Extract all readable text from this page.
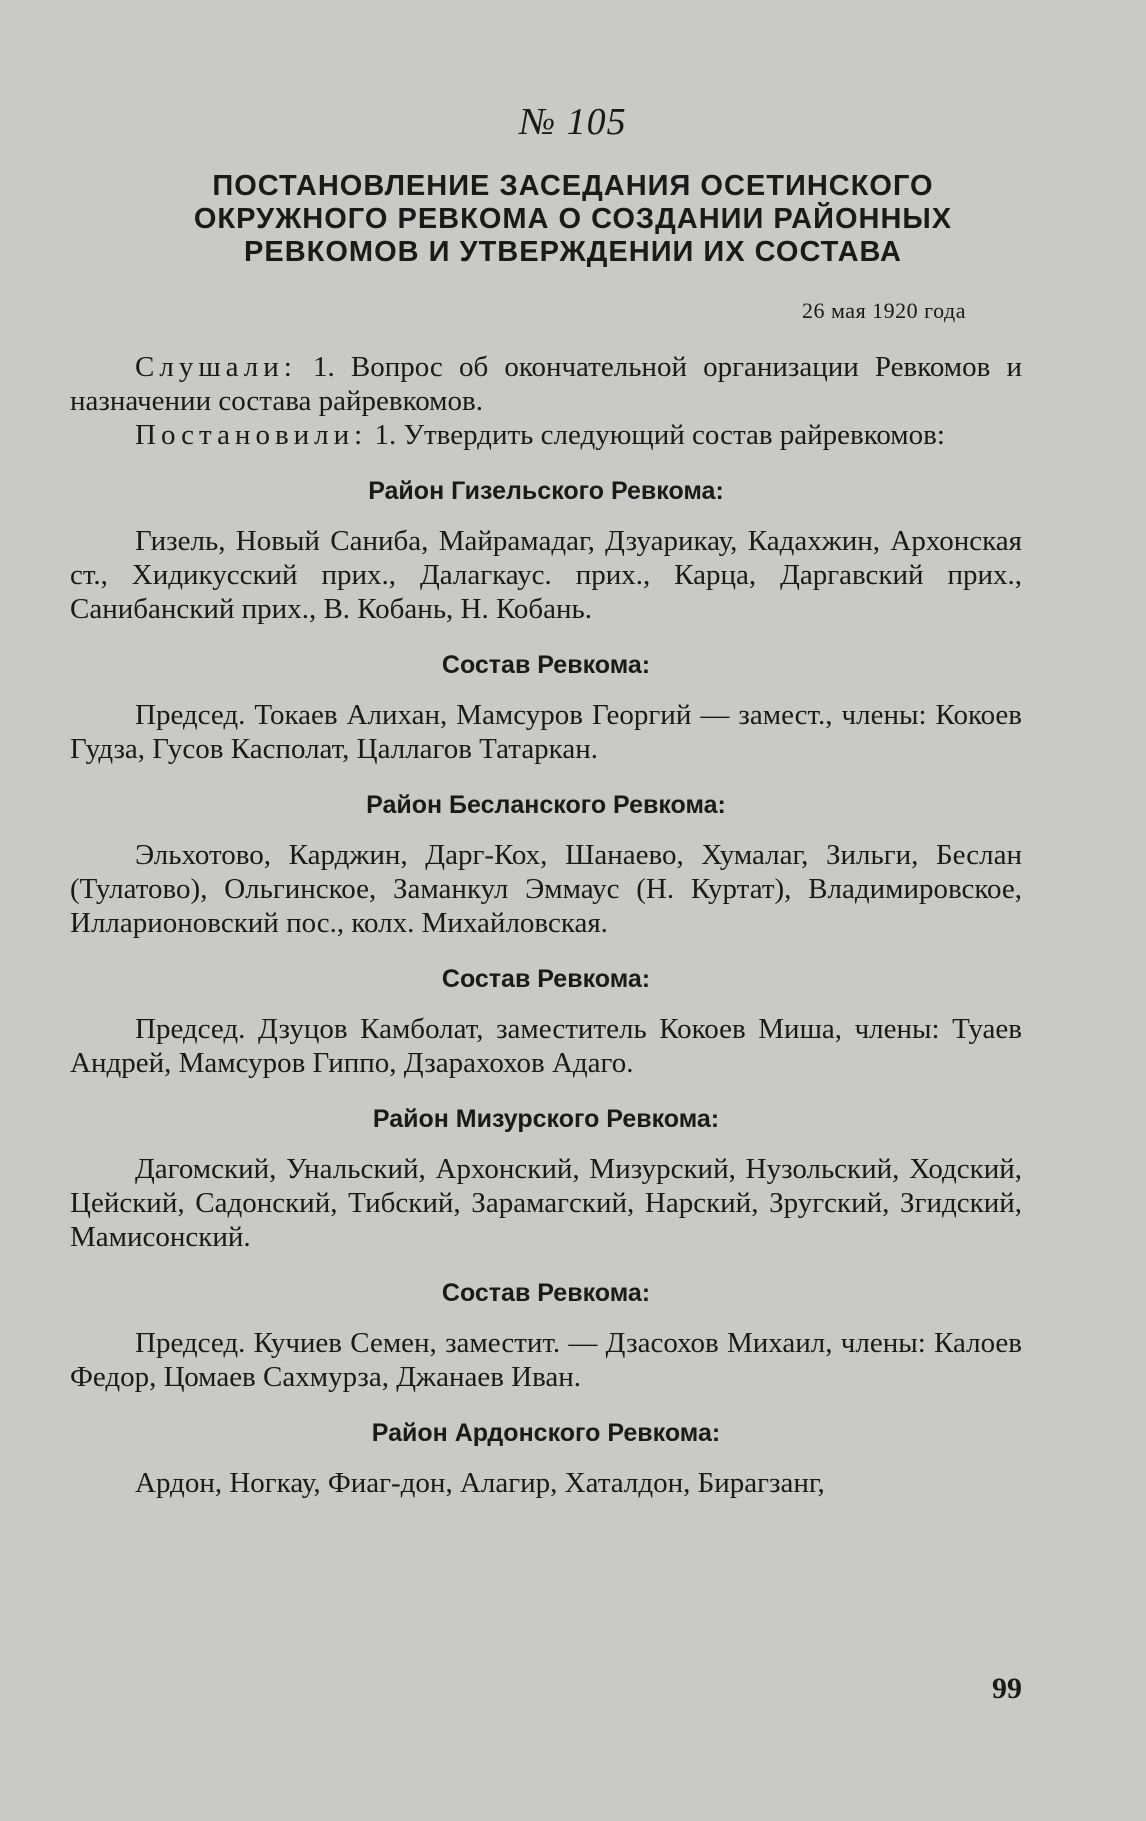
№ 105
ПОСТАНОВЛЕНИЕ ЗАСЕДАНИЯ ОСЕТИНСКОГО
ОКРУЖНОГО РЕВКОМА О СОЗДАНИИ РАЙОННЫХ
РЕВКОМОВ И УТВЕРЖДЕНИИ ИХ СОСТАВА
26 мая 1920 года

Слушали: 1. Вопрос об окончательной организации Ревкомов и назначении состава райревкомов.

Постановили: 1. Утвердить следующий состав райревкомов:

Район Гизельского Ревкома:

Гизель, Новый Саниба, Майрамадаг, Дзуарикау, Кадахжин, Архонская ст., Хидикусский прих., Далагкаус. прих., Карца, Даргавский прих., Санибанский прих., В. Кобань, Н. Кобань.

Состав Ревкома:

Председ. Токаев Алихан, Мамсуров Георгий — замест., члены: Кокоев Гудза, Гусов Касполат, Цаллагов Татаркан.

Район Бесланского Ревкома:

Эльхотово, Карджин, Дарг-Кох, Шанаево, Хумалаг, Зильги, Беслан (Тулатово), Ольгинское, Заманкул Эммаус (Н. Куртат), Владимировское, Илларионовский пос., колх. Михайловская.

Состав Ревкома:

Председ. Дзуцов Камболат, заместитель Кокоев Миша, члены: Туаев Андрей, Мамсуров Гиппо, Дзарахохов Адаго.

Район Мизурского Ревкома:

Дагомский, Унальский, Архонский, Мизурский, Нузольский, Ходский, Цейский, Садонский, Тибский, Зарамагский, Нарский, Зругский, Згидский, Мамисонский.

Состав Ревкома:

Председ. Кучиев Семен, заместит. — Дзасохов Михаил, члены: Калоев Федор, Цомаев Сахмурза, Джанаев Иван.

Район Ардонского Ревкома:

Ардон, Ногкау, Фиаг-дон, Алагир, Хаталдон, Бирагзанг,

99
